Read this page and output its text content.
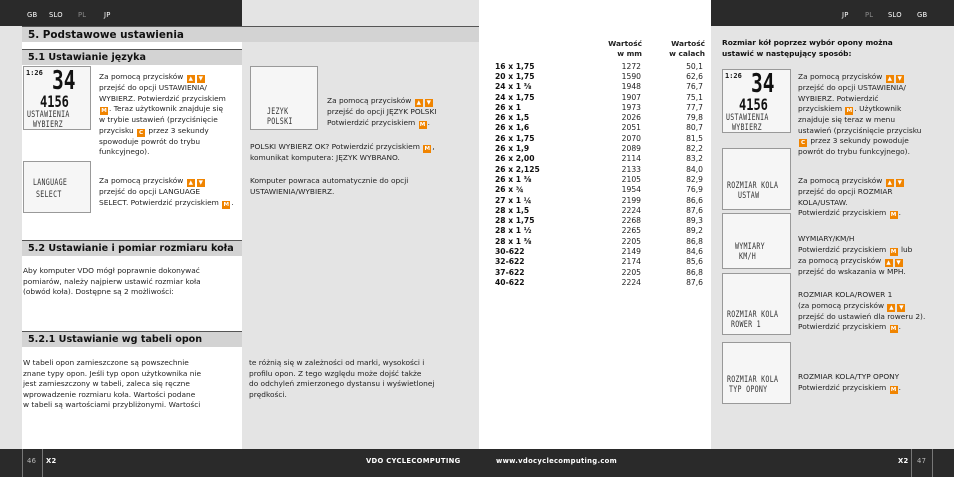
GB SLO PL	JP	JP PL SLO GB
5. Podstawowe ustawienia
5.1 Ustawianie języka
5.2 Ustawianie i pomiar rozmiaru koła
5.2.1 Ustawianie wg tabeli opon
1:26 34
4156
USTAWIENIA
WYBIERZ
LANGUAGE
SELECT
JEZYK
POLSKI
Za pomocą przycisków ▲ ▼
przejść do opcji USTAWIENIA/
WYBIERZ. Potwierdzić przyciskiem
M . Teraz użytkownik znajduje się
w trybie ustawień (przyciśnięcie
przycisku C przez 3 sekundy
spowoduje powrót do trybu
funkcyjnego).
Za pomocą przycisków ▲ ▼
przejść do opcji LANGUAGE
SELECT. Potwierdzić przyciskiem M .
Za pomocą przycisków ▲ ▼
przejść do opcji JĘZYK POLSKI
Potwierdzić przyciskiem M .
POLSKI WYBIERZ OK? Potwierdzić przyciskiem M ,
komunikat komputera: JĘZYK WYBRANO.
Komputer powraca automatycznie do opcji
USTAWIENIA/WYBIERZ.
Aby komputer VDO mógł poprawnie dokonywać
pomiarów, należy najpierw ustawić rozmiar koła
(obwód koła). Dostępne są 2 możliwości:
W tabeli opon zamieszczone są powszechnie
znane typy opon. Jeśli typ opon użytkownika nie
jest zamieszczony w tabeli, zaleca się ręczne
wprowadzenie rozmiaru koła. Wartości podane
w tabeli są wartościami przybliżonymi. Wartości
te różnią się w zależności od marki, wysokości i
profilu opon. Z tego względu może dojść także
do odchyleń zmierzonego dystansu i wyświetlonej
prędkości.
Wartość
w mm
Wartość
w calach
16 x 1,75	1272	50,1
20 x 1,75	1590	62,6
24 x 1 ⅜	1948	76,7
24 x 1,75	1907	75,1
26 x 1	1973	77,7
26 x 1,5	2026	79,8
26 x 1,6	2051	80,7
26 x 1,75	2070	81,5
26 x 1,9	2089	82,2
26 x 2,00	2114	83,2
26 x 2,125	2133	84,0
26 x 1 ⅜	2105	82,9
26 x ¾	1954	76,9
27 x 1 ¼	2199	86,6
28 x 1,5	2224	87,6
28 x 1,75	2268	89,3
28 x 1 ½	2265	89,2
28 x 1 ⅜	2205	86,8
30-622	2149	84,6
32-622	2174	85,6
37-622	2205	86,8
40-622	2224	87,6
Rozmiar kół poprzez wybór opony można
ustawić w następujący sposób:
1:26 34
4156
USTAWIENIA
WYBIERZ
ROZMIAR KOLA
USTAW
WYMIARY
KM/H
ROZMIAR KOLA
ROWER 1
ROZMIAR KOLA
TYP OPONY
Za pomocą przycisków ▲ ▼
przejść do opcji USTAWIENIA/
WYBIERZ. Potwierdzić
przyciskiem M . Użytkownik
znajduje się teraz w menu
ustawień (przyciśnięcie przycisku
C przez 3 sekundy powoduje
powrót do trybu funkcyjnego).
Za pomocą przycisków ▲ ▼
przejść do opcji ROZMIAR
KOLA/USTAW.
Potwierdzić przyciskiem M .
WYMIARY/KM/H
Potwierdzić przyciskiem M lub
za pomocą przycisków ▲ ▼
przejść do wskazania w MPH.
ROZMIAR KOLA/ROWER 1
(za pomocą przycisków ▲ ▼
przejść do ustawień dla roweru 2).
Potwierdzić przyciskiem M .
ROZMIAR KOLA/TYP OPONY
Potwierdzić przyciskiem M .
46 X2	VDO CYCLECOMPUTING	www.vdocyclecomputing.com	X2 47
